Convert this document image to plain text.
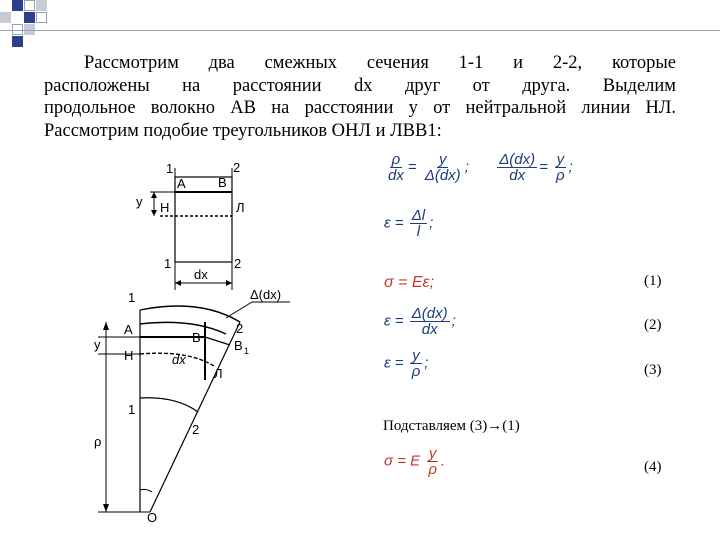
Рассмотрим два смежных сечения 1-1 и 2-2, которые
расположены на расстоянии dx друг от друга. Выделим
продольное волокно АВ на расстоянии у от нейтральной линии НЛ.
Рассмотрим подобие треугольников ОНЛ и ЛВВ1:
$\frac{\rho}{dx} = \frac{y}{\Delta(dx)}$ ; $\frac{\Delta(dx)}{dx} = \frac{y}{\rho}$ ;
$\varepsilon = \frac{\Delta l}{l}$ ;
σ = Eε;	(1)
$\varepsilon = \frac{\Delta(dx)}{dx}$ ;	(2)
$\varepsilon = \frac{y}{\rho}$ ;	(3)
Подставляем (3)→(1)
σ = E $\frac{y}{\rho}$ .	(4)
1	2
A B
y Н	Л
1	2
dx
1	Δ(dx)
2
A
B
B 1
y
Н	dx
Л
1
ρ
2
O
